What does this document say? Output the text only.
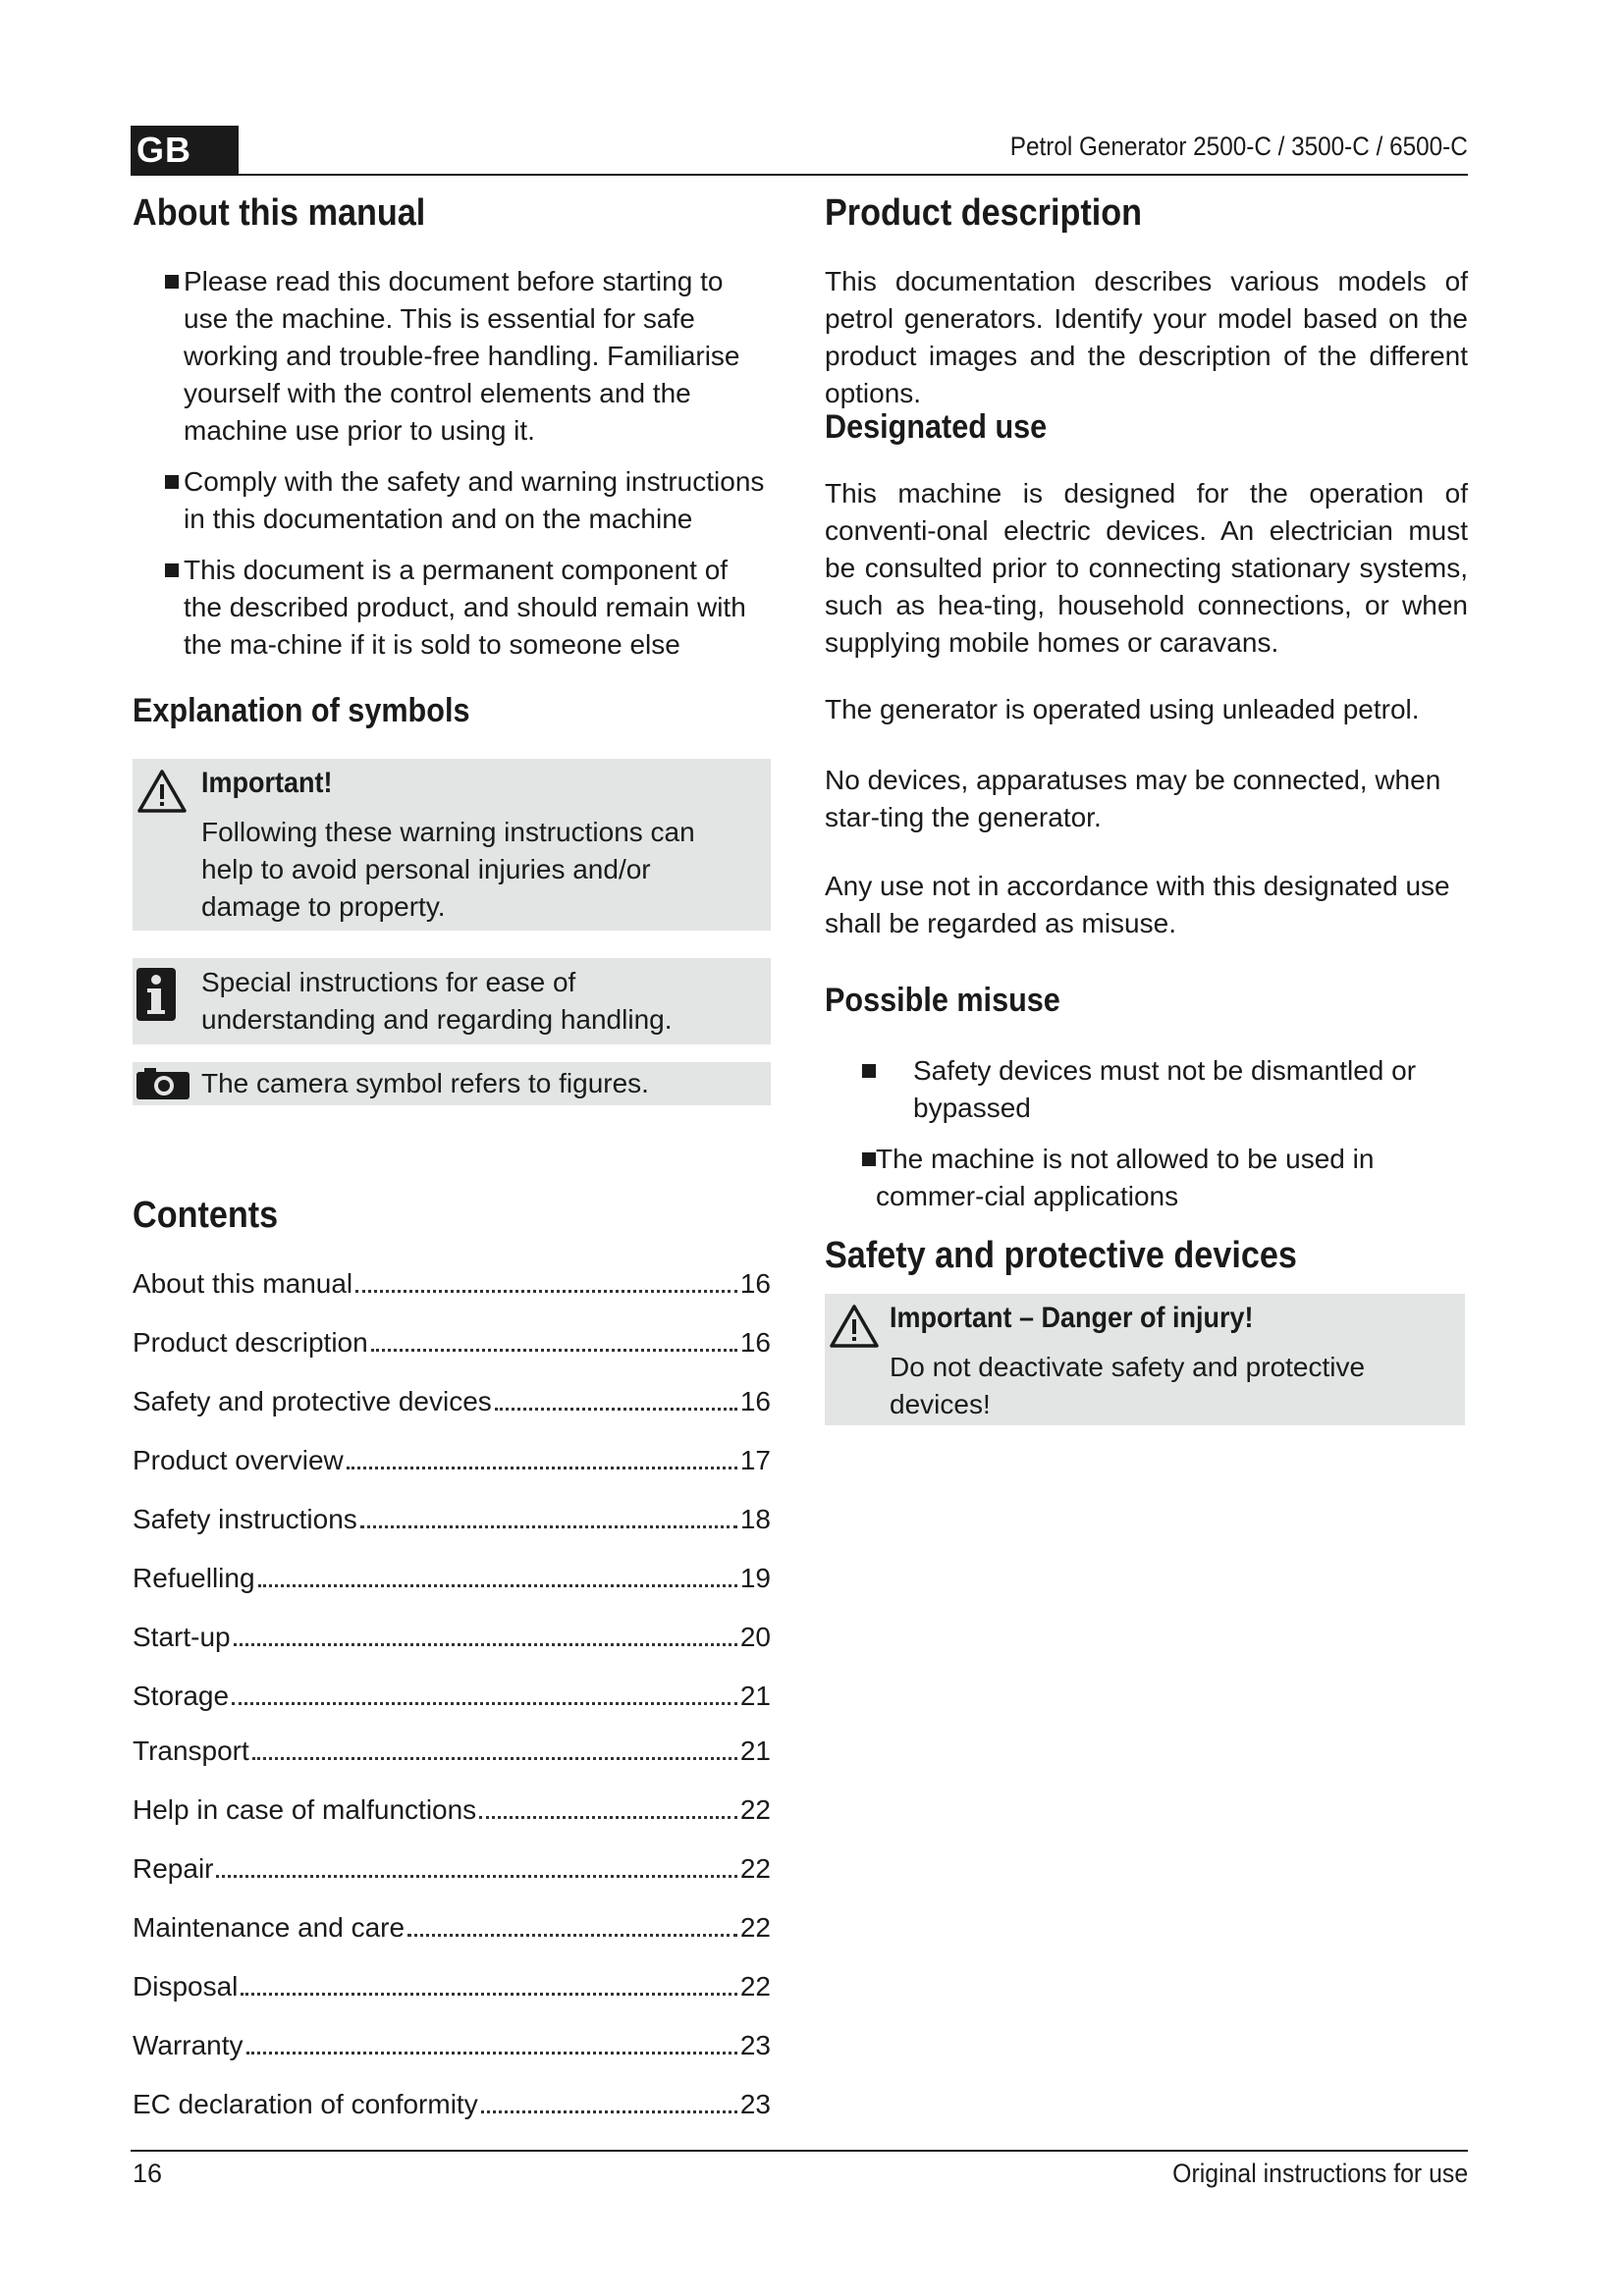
GB	Petrol Generator 2500-C / 3500-C / 6500-C
About this manual
Please read this document before starting to use the machine. This is essential for safe working and trouble-free handling. Familiarise yourself with the control elements and the machine use prior to using it.
Comply with the safety and warning instructions in this documentation and on the machine
This document is a permanent component of the described product, and should remain with the ma-chine if it is sold to someone else
Explanation of symbols
Important!
Following these warning instructions can help to avoid personal injuries and/or damage to property.
Special instructions for ease of understanding and regarding handling.
The camera symbol refers to figures.
Contents
About this manual	16
Product description	16
Safety and protective devices	16
Product overview	17
Safety instructions	18
Refuelling	19
Start-up	20
Storage	21
Transport	21
Help in case of malfunctions	22
Repair	22
Maintenance and care	22
Disposal	22
Warranty	23
EC declaration of conformity	23
Product description
This documentation describes various models of petrol generators. Identify your model based on the product images and the description of the different options.
Designated use
This machine is designed for the operation of conventi-onal electric devices. An electrician must be consulted prior to connecting stationary systems, such as hea-ting, household connections, or when supplying mobile homes or caravans.
The generator is operated using unleaded petrol.
No devices, apparatuses may be connected, when star-ting the generator.
Any use not in accordance with this designated use shall be regarded as misuse.
Possible misuse
Safety devices must not be dismantled or bypassed
The machine is not allowed to be used in commer-cial applications
Safety and protective devices
Important – Danger of injury!
Do not deactivate safety and protective devices!
16	Original instructions for use
